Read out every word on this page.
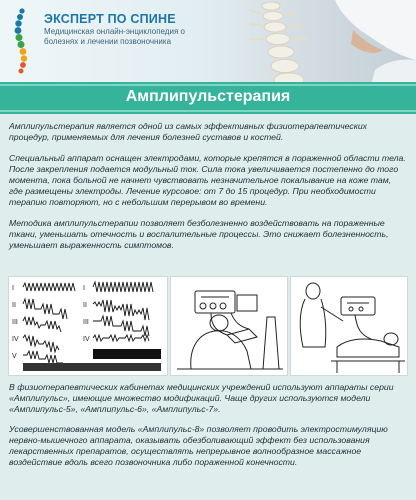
ЭКСПЕРТ ПО СПИНЕ
Медицинская онлайн-энциклопедия о болезнях и лечении позвоночника
Амплипульстерапия

Амплипульстерапия является одной из самых эффективных физиотерапевтических процедур, применяемых для лечения болезней суставов и костей.

Специальный аппарат оснащен электродами, которые крепятся в пораженной области тела. После закрепления подается модульный ток. Сила тока увеличивается постепенно до того момента, пока больной не начнет чувствовать незначительное покалывание на коже там, где размещены электроды. Лечение курсовое: от 7 до 15 процедур. При необходимости терапию повторяют, но с небольшим перерывом во времени.

Методика амплипульстерапии позволяет безболезненно воздействовать на пораженные ткани, уменьшать отечность и воспалительные процессы. Это снижает болезненность, уменьшает выраженность симптомов.

I
II
III
IV
V
I
II
III
IV

В физиотерапевтических кабинетах медицинских учреждений используют аппараты серии «Амплипульс», имеющие множество модификаций. Чаще других используются модели «Амплипульс-5», «Амплипульс-6», «Амплипульс-7».

Усовершенствованная модель «Амплипульс-8» позволяет проводить электростимуляцию нервно-мышечного аппарата, оказывать обезболивающий эффект без использования лекарственных препаратов, осуществлять непрерывное волнообразное массажное воздействие вдоль всего позвоночника либо пораженной конечности.
